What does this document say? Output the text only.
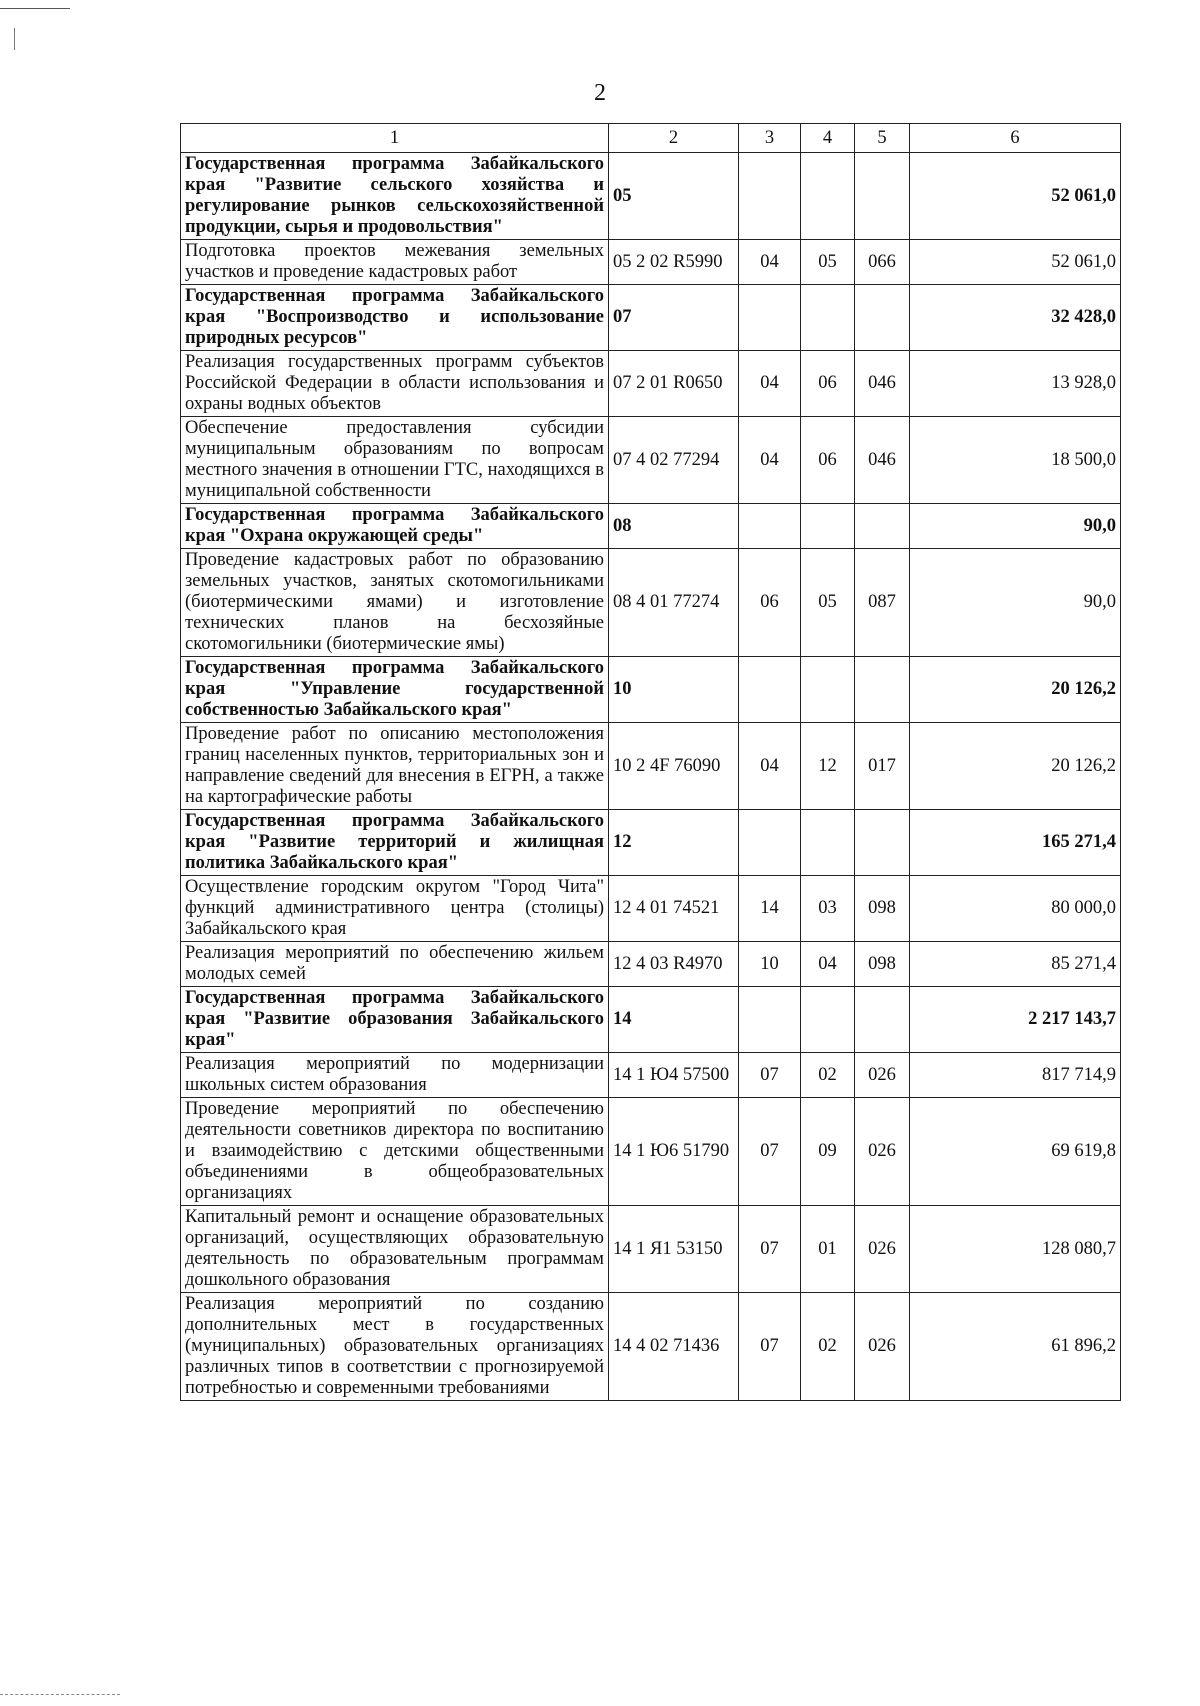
2
1	2	3	4	5	6
Государственная программа Забайкальского края "Развитие сельского хозяйства и регулирование рынков сельскохозяйственной продукции, сырья и продовольствия"	05				52 061,0
Подготовка проектов межевания земельных участков и проведение кадастровых работ	05 2 02 R5990	04	05	066	52 061,0
Государственная программа Забайкальского края "Воспроизводство и использование природных ресурсов"	07				32 428,0
Реализация государственных программ субъектов Российской Федерации в области использования и охраны водных объектов	07 2 01 R0650	04	06	046	13 928,0
Обеспечение предоставления субсидии муниципальным образованиям по вопросам местного значения в отношении ГТС, находящихся в муниципальной собственности	07 4 02 77294	04	06	046	18 500,0
Государственная программа Забайкальского края "Охрана окружающей среды"	08				90,0
Проведение кадастровых работ по образованию земельных участков, занятых скотомогильниками (биотермическими ямами) и изготовление технических планов на бесхозяйные скотомогильники (биотермические ямы)	08 4 01 77274	06	05	087	90,0
Государственная программа Забайкальского края "Управление государственной собственностью Забайкальского края"	10				20 126,2
Проведение работ по описанию местоположения границ населенных пунктов, территориальных зон и направление сведений для внесения в ЕГРН, а также на картографические работы	10 2 4F 76090	04	12	017	20 126,2
Государственная программа Забайкальского края "Развитие территорий и жилищная политика Забайкальского края"	12				165 271,4
Осуществление городским округом "Город Чита" функций административного центра (столицы) Забайкальского края	12 4 01 74521	14	03	098	80 000,0
Реализация мероприятий по обеспечению жильем молодых семей	12 4 03 R4970	10	04	098	85 271,4
Государственная программа Забайкальского края "Развитие образования Забайкальского края"	14				2 217 143,7
Реализация мероприятий по модернизации школьных систем образования	14 1 Ю4 57500	07	02	026	817 714,9
Проведение мероприятий по обеспечению деятельности советников директора по воспитанию и взаимодействию с детскими общественными объединениями в общеобразовательных организациях	14 1 Ю6 51790	07	09	026	69 619,8
Капитальный ремонт и оснащение образовательных организаций, осуществляющих образовательную деятельность по образовательным программам дошкольного образования	14 1 Я1 53150	07	01	026	128 080,7
Реализация мероприятий по созданию дополнительных мест в государственных (муниципальных) образовательных организациях различных типов в соответствии с прогнозируемой потребностью и современными требованиями	14 4 02 71436	07	02	026	61 896,2
